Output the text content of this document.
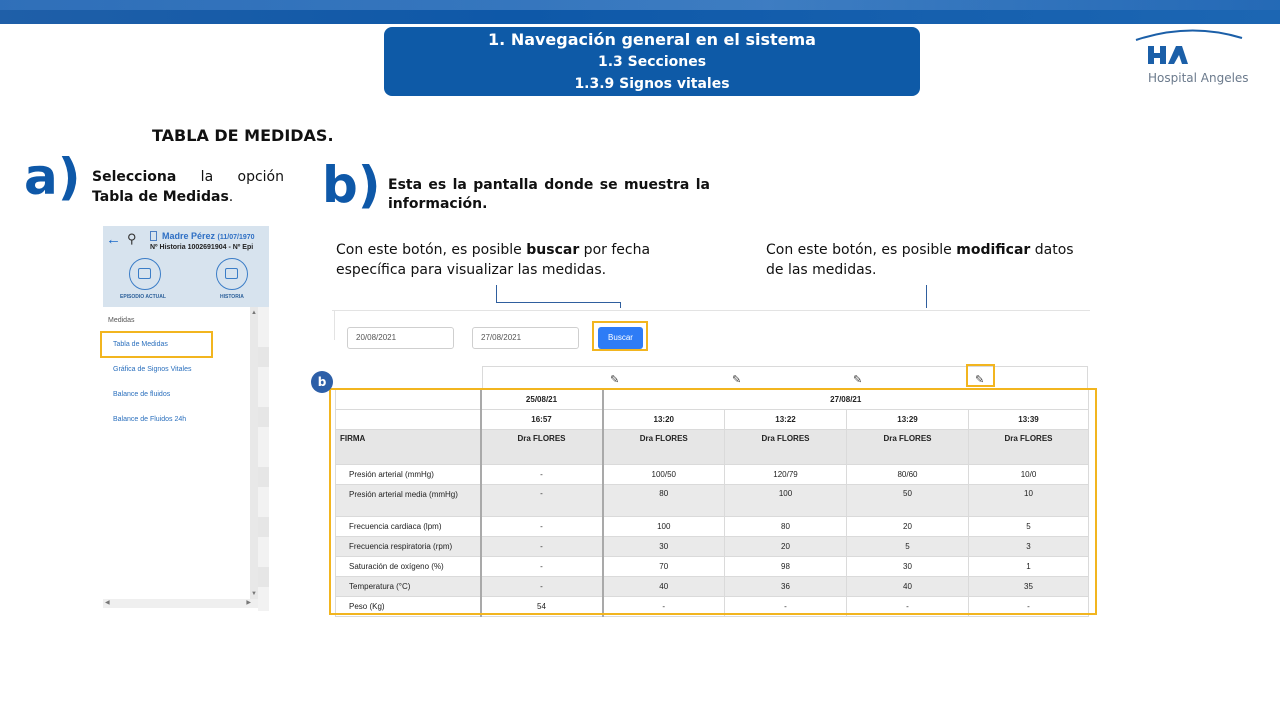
1. Navegación general en el sistema
1.3 Secciones
1.3.9 Signos vitales	Hospital Angeles
TABLA DE MEDIDAS.
a) Selecciona la opción Tabla de Medidas.	b) Esta es la pantalla donde se muestra la información.
Con este botón, es posible buscar por fecha específica para visualizar las medidas.
Con este botón, es posible modificar datos de las medidas.
← ⚲	Madre Pérez (11/07/1970
Nº Historia 1002691904 - Nº Epi
EPISODIO ACTUAL	HISTORIA
Medidas
Tabla de Medidas
Gráfica de Signos Vitales
Balance de fluidos
Balance de Fluidos 24h
▲
▼
◀	▶
20/08/2021	27/08/2021	Buscar
✎	✎	✎	✎
	25/08/21	27/08/21			
	16:57	13:20	13:22	13:29	13:39
FIRMA	Dra FLORES	Dra FLORES	Dra FLORES	Dra FLORES	Dra FLORES
Presión arterial (mmHg)	-	100/50	120/79	80/60	10/0
Presión arterial media (mmHg)	-	80	100	50	10
Frecuencia cardiaca (lpm)	-	100	80	20	5
Frecuencia respiratoria (rpm)	-	30	20	5	3
Saturación de oxígeno (%)	-	70	98	30	1
Temperatura (°C)	-	40	36	40	35
Peso (Kg)	54	-	-	-	-
b
